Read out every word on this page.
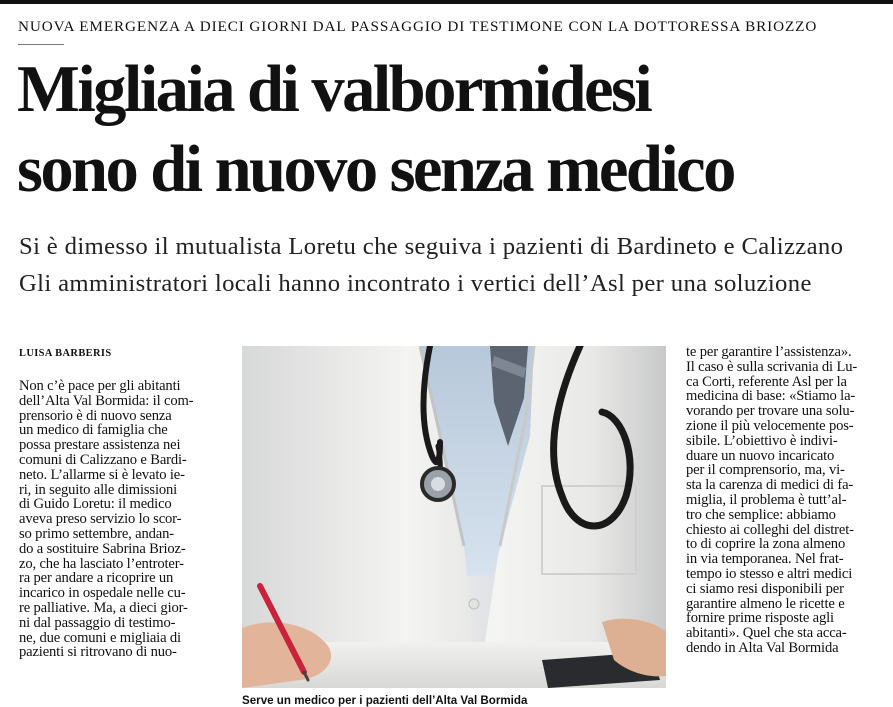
NUOVA EMERGENZA A DIECI GIORNI DAL PASSAGGIO DI TESTIMONE CON LA DOTTORESSA BRIOZZO
Migliaia di valbormidesi
sono di nuovo senza medico
Si è dimesso il mutualista Loretu che seguiva i pazienti di Bardineto e Calizzano
Gli amministratori locali hanno incontrato i vertici dell’Asl per una soluzione
LUISA BARBERIS
Non c’è pace per gli abitanti
dell’Alta Val Bormida: il com-
prensorio è di nuovo senza
un medico di famiglia che
possa prestare assistenza nei
comuni di Calizzano e Bardi-
neto. L’allarme si è levato ie-
ri, in seguito alle dimissioni
di Guido Loretu: il medico
aveva preso servizio lo scor-
so primo settembre, andan-
do a sostituire Sabrina Brioz-
zo, che ha lasciato l’entroter-
ra per andare a ricoprire un
incarico in ospedale nelle cu-
re palliative. Ma, a dieci gior-
ni dal passaggio di testimo-
ne, due comuni e migliaia di
pazienti si ritrovano di nuo-
Serve un medico per i pazienti dell’Alta Val Bormida
te per garantire l’assistenza».
Il caso è sulla scrivania di Lu-
ca Corti, referente Asl per la
medicina di base: «Stiamo la-
vorando per trovare una solu-
zione il più velocemente pos-
sibile. L’obiettivo è indivi-
duare un nuovo incaricato
per il comprensorio, ma, vi-
sta la carenza di medici di fa-
miglia, il problema è tutt’al-
tro che semplice: abbiamo
chiesto ai colleghi del distret-
to di coprire la zona almeno
in via temporanea. Nel frat-
tempo io stesso e altri medici
ci siamo resi disponibili per
garantire almeno le ricette e
fornire prime risposte agli
abitanti». Quel che sta acca-
dendo in Alta Val Bormida
